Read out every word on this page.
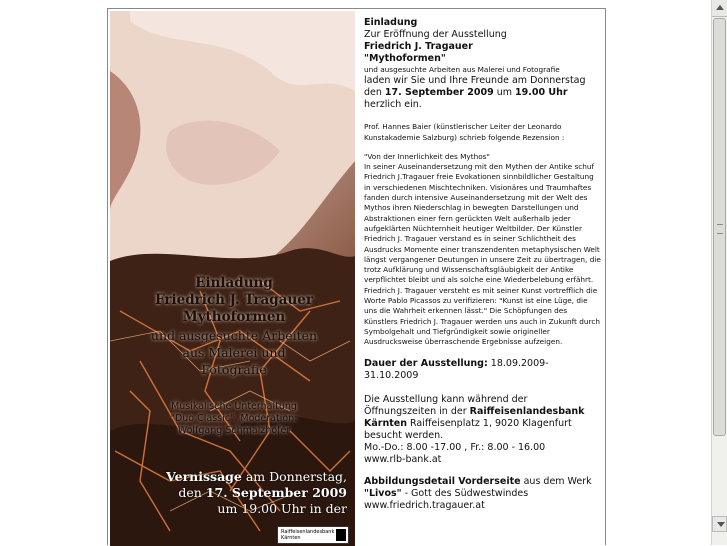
Einladung
Friedrich J. Tragauer
Mythoformen
und ausgesuchte Arbeiten
aus Malerei und
Fotografie
Musikalische Unterhaltung
"Duo Classic". Moderation:
Wolfgang Schmalzhofer
Vernissage am Donnerstag,
den 17. September 2009
um 19.00 Uhr in der
Raiffeisenlandesbank
Kärnten

Einladung

Zur Eröffnung der Ausstellung

Friedrich J. Tragauer

"Mythoformen"

und ausgesuchte Arbeiten aus Malerei und Fotografie

laden wir Sie und Ihre Freunde am Donnerstag den 17. September 2009 um 19.00 Uhr herzlich ein.

Prof. Hannes Baier (künstlerischer Leiter der Leonardo Kunstakademie Salzburg) schrieb folgende Rezension :

"Von der Innerlichkeit des Mythos"

In seiner Auseinandersetzung mit den Mythen der Antike schuf Friedrich J.Tragauer freie Evokationen sinnbildlicher Gestaltung in verschiedenen Mischtechniken. Visionäres und Traumhaftes fanden durch intensive Auseinandersetzung mit der Welt des Mythos ihren Niederschlag in bewegten Darstellungen und Abstraktionen einer fern gerückten Welt außerhalb jeder aufgeklärten Nüchternheit heutiger Weltbilder. Der Künstler Friedrich J. Tragauer verstand es in seiner Schlichtheit des Ausdrucks Momente einer transzendenten metaphysischen Welt längst vergangener Deutungen in unsere Zeit zu übertragen, die trotz Aufklärung und Wissenschaftsgläubigkeit der Antike verpflichtet bleibt und als solche eine Wiederbelebung erfährt. Friedrich J. Tragauer versteht es mit seiner Kunst vortrefflich die Worte Pablo Picassos zu verifizieren: "Kunst ist eine Lüge, die uns die Wahrheit erkennen lässt." Die Schöpfungen des Künstlers Friedrich J. Tragauer werden uns auch in Zukunft durch Symbolgehalt und Tiefgründigkeit sowie origineller Ausdrucksweise überraschende Ergebnisse aufzeigen.

Dauer der Ausstellung: 18.09.2009-31.10.2009

Die Ausstellung kann während der Öffnungszeiten in der Raiffeisenlandesbank Kärnten Raiffeisenplatz 1, 9020 Klagenfurt besucht werden.

Mo.-Do.: 8.00 -17.00 , Fr.: 8.00 - 16.00

www.rlb-bank.at

Abbildungsdetail Vorderseite aus dem Werk

"Livos" - Gott des Südwestwindes

www.friedrich.tragauer.at
